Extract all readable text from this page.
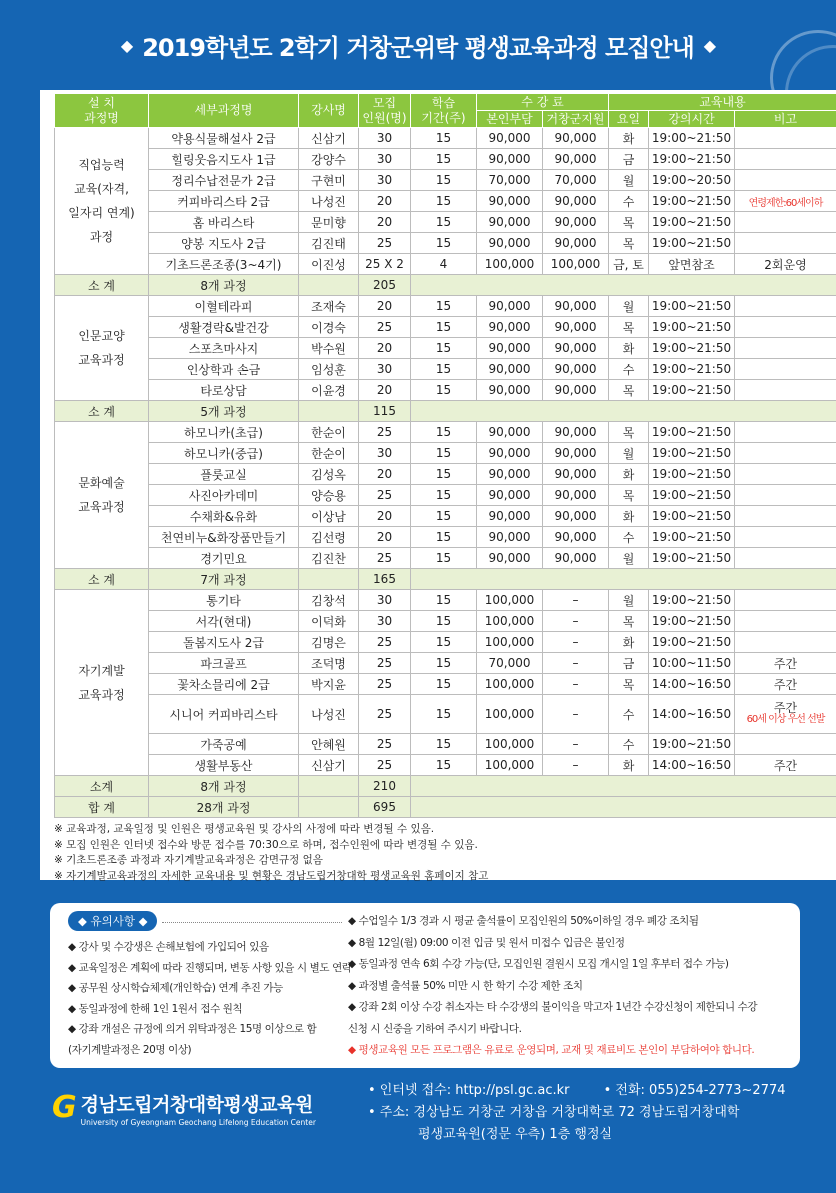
◆ 2019학년도 2학기 거창군위탁 평생교육과정 모집안내 ◆
설 치
과정명	세부과정명	강사명	모집
인원(명)	학습
기간(주)	수 강 료		교육내용		
					본인부담	거창군지원	요일	강의시간	비고
직업능력
교육(자격,
일자리 연계)
과정	약용식물해설사 2급	신삼기	30	15	90,000	90,000	화	19:00~21:50	
	힐링웃음지도사 1급	강양수	30	15	90,000	90,000	금	19:00~21:50	
	정리수납전문가 2급	구현미	30	15	70,000	70,000	월	19:00~20:50	
	커피바리스타 2급	나성진	20	15	90,000	90,000	수	19:00~21:50	연령제한:60세이하
	홈 바리스타	문미향	20	15	90,000	90,000	목	19:00~21:50	
	양봉 지도사 2급	김진태	25	15	90,000	90,000	목	19:00~21:50	
	기초드론조종(3~4기)	이진성	25 X 2	4	100,000	100,000	금, 토	앞면참조	2회운영
소 계	8개 과정		205						
인문교양
교육과정	이혈테라피	조재숙	20	15	90,000	90,000	월	19:00~21:50	
	생활경락&발건강	이경숙	25	15	90,000	90,000	목	19:00~21:50	
	스포츠마사지	박수원	20	15	90,000	90,000	화	19:00~21:50	
	인상학과 손금	임성훈	30	15	90,000	90,000	수	19:00~21:50	
	타로상담	이윤경	20	15	90,000	90,000	목	19:00~21:50	
소 계	5개 과정		115						
문화예술
교육과정	하모니카(초급)	한순이	25	15	90,000	90,000	목	19:00~21:50	
	하모니카(중급)	한순이	30	15	90,000	90,000	월	19:00~21:50	
	플룻교실	김성옥	20	15	90,000	90,000	화	19:00~21:50	
	사진아카데미	양승용	25	15	90,000	90,000	목	19:00~21:50	
	수채화&유화	이상남	20	15	90,000	90,000	화	19:00~21:50	
	천연비누&화장품만들기	김선령	20	15	90,000	90,000	수	19:00~21:50	
	경기민요	김진찬	25	15	90,000	90,000	월	19:00~21:50	
소 계	7개 과정		165						
자기계발
교육과정	통기타	김창석	30	15	100,000	–	월	19:00~21:50	
	서각(현대)	이덕화	30	15	100,000	–	목	19:00~21:50	
	돌봄지도사 2급	김명은	25	15	100,000	–	화	19:00~21:50	
	파크골프	조덕명	25	15	70,000	–	금	10:00~11:50	주간
	꽃차소믈리에 2급	박지윤	25	15	100,000	–	목	14:00~16:50	주간
	시니어 커피바리스타	나성진	25	15	100,000	–	수	14:00~16:50	주간
60세 이상 우선 선발

	가죽공예	안혜원	25	15	100,000	–	수	19:00~21:50	
	생활부동산	신삼기	25	15	100,000	–	화	14:00~16:50	주간
소계	8개 과정		210						
합 계	28개 과정		695						
※ 교육과정, 교육일정 및 인원은 평생교육원 및 강사의 사정에 따라 변경될 수 있음.
※ 모집 인원은 인터넷 접수와 방문 접수를 70:30으로 하며, 접수인원에 따라 변경될 수 있음.
※ 기초드론조종 과정과 자기계발교육과정은 감면규정 없음
※ 자기계발교육과정의 자세한 교육내용 및 현황은 경남도립거창대학 평생교육원 홈페이지 참고
◆ 유의사항 ◆
◆ 강사 및 수강생은 손해보험에 가입되어 있음
◆ 교육일정은 계획에 따라 진행되며, 변동 사항 있을 시 별도 연락
◆ 공무원 상시학습체제(개인학습) 연계 추진 가능
◆ 동일과정에 한해 1인 1원서 접수 원칙
◆ 강좌 개설은 규정에 의거 위탁과정은 15명 이상으로 함
(자기계발과정은 20명 이상)
◆ 수업일수 1/3 경과 시 평균 출석률이 모집인원의 50%이하일 경우 폐강 조치됨
◆ 8월 12일(월) 09:00 이전 입금 및 원서 미접수 입금은 불인정
◆ 동일과정 연속 6회 수강 가능(단, 모집인원 결원시 모집 개시일 1일 후부터 접수 가능)
◆ 과정별 출석률 50% 미만 시 한 학기 수강 제한 조치
◆ 강좌 2회 이상 수강 취소자는 타 수강생의 불이익을 막고자 1년간 수강신청이 제한되니 수강
신청 시 신중을 기하여 주시기 바랍니다.
◆ 평생교육원 모든 프로그램은 유료로 운영되며, 교재 및 재료비도 본인이 부담하여야 합니다.
G 경남도립거창대학평생교육원
University of Gyeongnam Geochang Lifelong Education Center
• 인터넷 접수: http://psl.gc.ac.kr	• 전화: 055)254-2773~2774
• 주소: 경상남도 거창군 거창읍 거창대학로 72 경남도립거창대학
평생교육원(정문 우측) 1층 행정실
